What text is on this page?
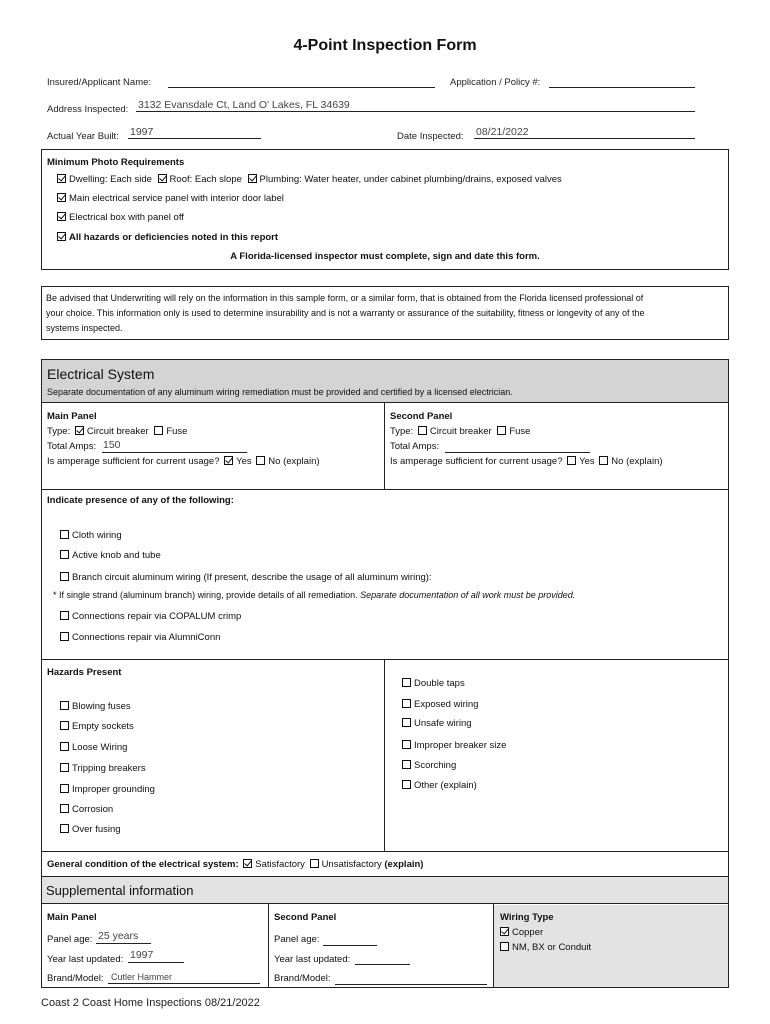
4-Point Inspection Form
Insured/Applicant Name:	Application / Policy #:
Address Inspected: 3132 Evansdale Ct, Land O' Lakes, FL 34639
Actual Year Built: 1997	Date Inspected: 08/21/2022
Minimum Photo Requirements
Dwelling: Each side Roof: Each slope Plumbing: Water heater, under cabinet plumbing/drains, exposed valves
Main electrical service panel with interior door label
Electrical box with panel off
All hazards or deficiencies noted in this report
A Florida-licensed inspector must complete, sign and date this form.
Be advised that Underwriting will rely on the information in this sample form, or a similar form, that is obtained from the Florida licensed professional of
your choice. This information only is used to determine insurability and is not a warranty or assurance of the suitability, fitness or longevity of any of the
systems inspected.
Electrical System
Separate documentation of any aluminum wiring remediation must be provided and certified by a licensed electrician.
Main Panel
Type: Circuit breaker Fuse
Total Amps: 150
Is amperage sufficient for current usage? Yes No (explain)
Second Panel
Type: Circuit breaker Fuse
Total Amps:
Is amperage sufficient for current usage? Yes No (explain)
Indicate presence of any of the following:
Cloth wiring
Active knob and tube
Branch circuit aluminum wiring (If present, describe the usage of all aluminum wiring):
* If single strand (aluminum branch) wiring, provide details of all remediation. Separate documentation of all work must be provided.
Connections repair via COPALUM crimp
Connections repair via AlumniConn
Hazards Present
Blowing fuses
Empty sockets
Loose Wiring
Tripping breakers
Improper grounding
Corrosion
Over fusing
Double taps
Exposed wiring
Unsafe wiring
Improper breaker size
Scorching
Other (explain)
General condition of the electrical system: Satisfactory Unsatisfactory (explain)
Supplemental information
Main Panel
Panel age: 25 years
Year last updated: 1997
Brand/Model: Cutler Hammer
Second Panel
Panel age:
Year last updated:
Brand/Model:
Wiring Type
Copper
NM, BX or Conduit
Coast 2 Coast Home Inspections 08/21/2022
